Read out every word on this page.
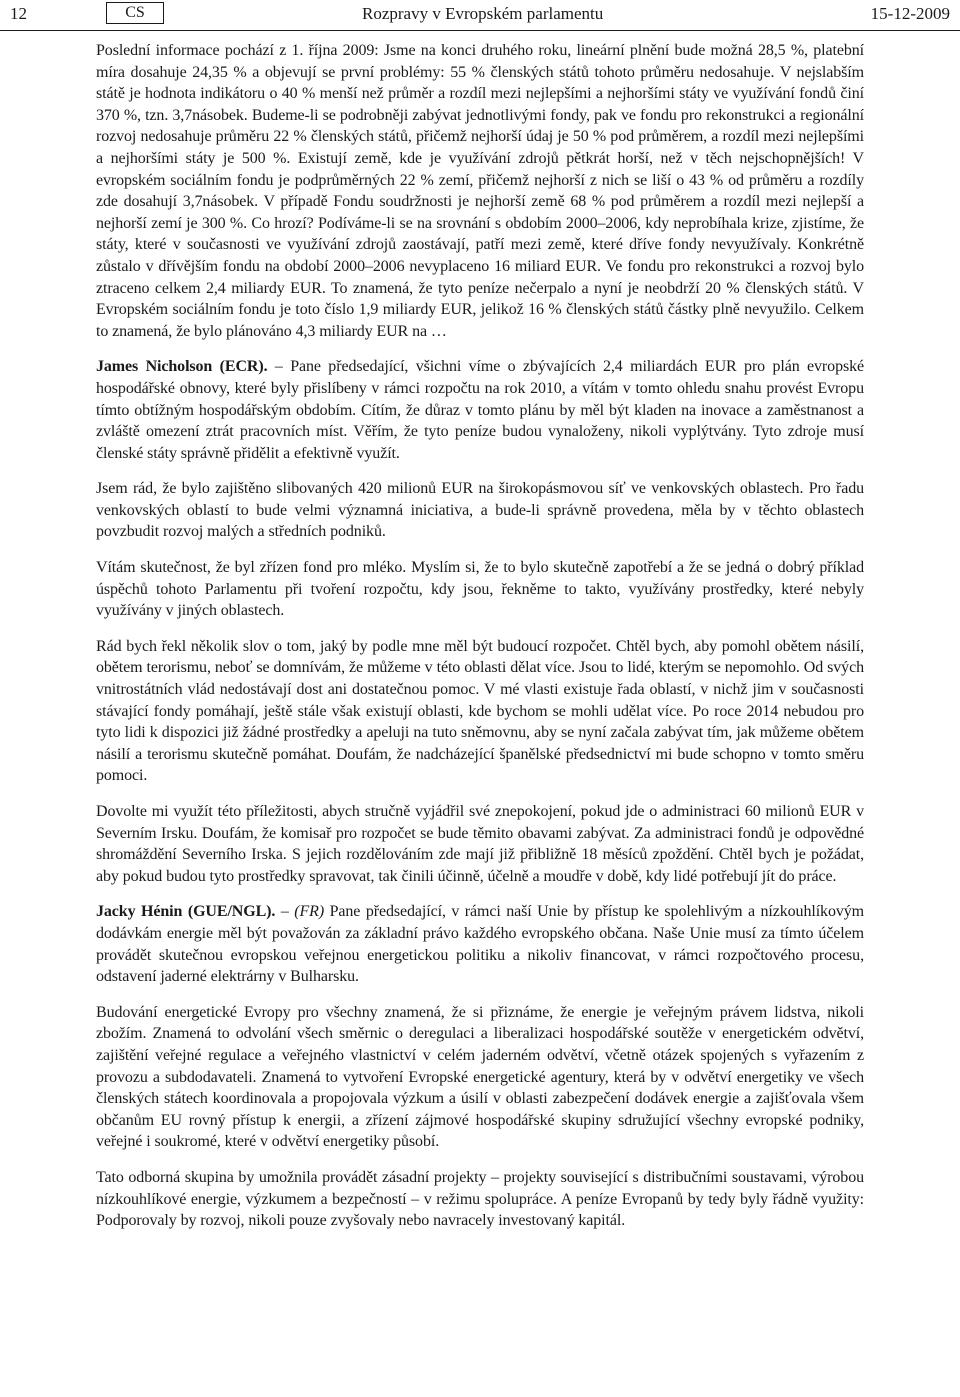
12	CS	Rozpravy v Evropském parlamentu	15-12-2009

Poslední informace pochází z 1. října 2009: Jsme na konci druhého roku, lineární plnění bude možná 28,5 %, platební míra dosahuje 24,35 % a objevují se první problémy: 55 % členských států tohoto průměru nedosahuje. V nejslabším státě je hodnota indikátoru o 40 % menší než průměr a rozdíl mezi nejlepšími a nejhoršími státy ve využívání fondů činí 370 %, tzn. 3,7násobek. Budeme-li se podrobněji zabývat jednotlivými fondy, pak ve fondu pro rekonstrukci a regionální rozvoj nedosahuje průměru 22 % členských států, přičemž nejhorší údaj je 50 % pod průměrem, a rozdíl mezi nejlepšími a nejhoršími státy je 500 %. Existují země, kde je využívání zdrojů pětkrát horší, než v těch nejschopnějších! V evropském sociálním fondu je podprůměrných 22 % zemí, přičemž nejhorší z nich se liší o 43 % od průměru a rozdíly zde dosahují 3,7násobek. V případě Fondu soudržnosti je nejhorší země 68 % pod průměrem a rozdíl mezi nejlepší a nejhorší zemí je 300 %. Co hrozí? Podíváme-li se na srovnání s obdobím 2000–2006, kdy neprobíhala krize, zjistíme, že státy, které v současnosti ve využívání zdrojů zaostávají, patří mezi země, které dříve fondy nevyužívaly. Konkrétně zůstalo v dřívějším fondu na období 2000–2006 nevyplaceno 16 miliard EUR. Ve fondu pro rekonstrukci a rozvoj bylo ztraceno celkem 2,4 miliardy EUR. To znamená, že tyto peníze nečerpalo a nyní je neobdrží 20 % členských států. V Evropském sociálním fondu je toto číslo 1,9 miliardy EUR, jelikož 16 % členských států částky plně nevyužilo. Celkem to znamená, že bylo plánováno 4,3 miliardy EUR na …

James Nicholson (ECR). – Pane předsedající, všichni víme o zbývajících 2,4 miliardách EUR pro plán evropské hospodářské obnovy, které byly přislíbeny v rámci rozpočtu na rok 2010, a vítám v tomto ohledu snahu provést Evropu tímto obtížným hospodářským obdobím. Cítím, že důraz v tomto plánu by měl být kladen na inovace a zaměstnanost a zvláště omezení ztrát pracovních míst. Věřím, že tyto peníze budou vynaloženy, nikoli vyplýtvány. Tyto zdroje musí členské státy správně přidělit a efektivně využít.

Jsem rád, že bylo zajištěno slibovaných 420 milionů EUR na širokopásmovou síť ve venkovských oblastech. Pro řadu venkovských oblastí to bude velmi významná iniciativa, a bude-li správně provedena, měla by v těchto oblastech povzbudit rozvoj malých a středních podniků.

Vítám skutečnost, že byl zřízen fond pro mléko. Myslím si, že to bylo skutečně zapotřebí a že se jedná o dobrý příklad úspěchů tohoto Parlamentu při tvoření rozpočtu, kdy jsou, řekněme to takto, využívány prostředky, které nebyly využívány v jiných oblastech.

Rád bych řekl několik slov o tom, jaký by podle mne měl být budoucí rozpočet. Chtěl bych, aby pomohl obětem násilí, obětem terorismu, neboť se domnívám, že můžeme v této oblasti dělat více. Jsou to lidé, kterým se nepomohlo. Od svých vnitrostátních vlád nedostávají dost ani dostatečnou pomoc. V mé vlasti existuje řada oblastí, v nichž jim v současnosti stávající fondy pomáhají, ještě stále však existují oblasti, kde bychom se mohli udělat více. Po roce 2014 nebudou pro tyto lidi k dispozici již žádné prostředky a apeluji na tuto sněmovnu, aby se nyní začala zabývat tím, jak můžeme obětem násilí a terorismu skutečně pomáhat. Doufám, že nadcházející španělské předsednictví mi bude schopno v tomto směru pomoci.

Dovolte mi využít této příležitosti, abych stručně vyjádřil své znepokojení, pokud jde o administraci 60 milionů EUR v Severním Irsku. Doufám, že komisař pro rozpočet se bude těmito obavami zabývat. Za administraci fondů je odpovědné shromáždění Severního Irska. S jejich rozdělováním zde mají již přibližně 18 měsíců zpoždění. Chtěl bych je požádat, aby pokud budou tyto prostředky spravovat, tak činili účinně, účelně a moudře v době, kdy lidé potřebují jít do práce.

Jacky Hénin (GUE/NGL). – (FR) Pane předsedající, v rámci naší Unie by přístup ke spolehlivým a nízkouhlíkovým dodávkám energie měl být považován za základní právo každého evropského občana. Naše Unie musí za tímto účelem provádět skutečnou evropskou veřejnou energetickou politiku a nikoliv financovat, v rámci rozpočtového procesu, odstavení jaderné elektrárny v Bulharsku.

Budování energetické Evropy pro všechny znamená, že si přiznáme, že energie je veřejným právem lidstva, nikoli zbožím. Znamená to odvolání všech směrnic o deregulaci a liberalizaci hospodářské soutěže v energetickém odvětví, zajištění veřejné regulace a veřejného vlastnictví v celém jaderném odvětví, včetně otázek spojených s vyřazením z provozu a subdodavateli. Znamená to vytvoření Evropské energetické agentury, která by v odvětví energetiky ve všech členských státech koordinovala a propojovala výzkum a úsilí v oblasti zabezpečení dodávek energie a zajišťovala všem občanům EU rovný přístup k energii, a zřízení zájmové hospodářské skupiny sdružující všechny evropské podniky, veřejné i soukromé, které v odvětví energetiky působí.

Tato odborná skupina by umožnila provádět zásadní projekty – projekty související s distribučními soustavami, výrobou nízkouhlíkové energie, výzkumem a bezpečností – v režimu spolupráce. A peníze Evropanů by tedy byly řádně využity: Podporovaly by rozvoj, nikoli pouze zvyšovaly nebo navracely investovaný kapitál.
